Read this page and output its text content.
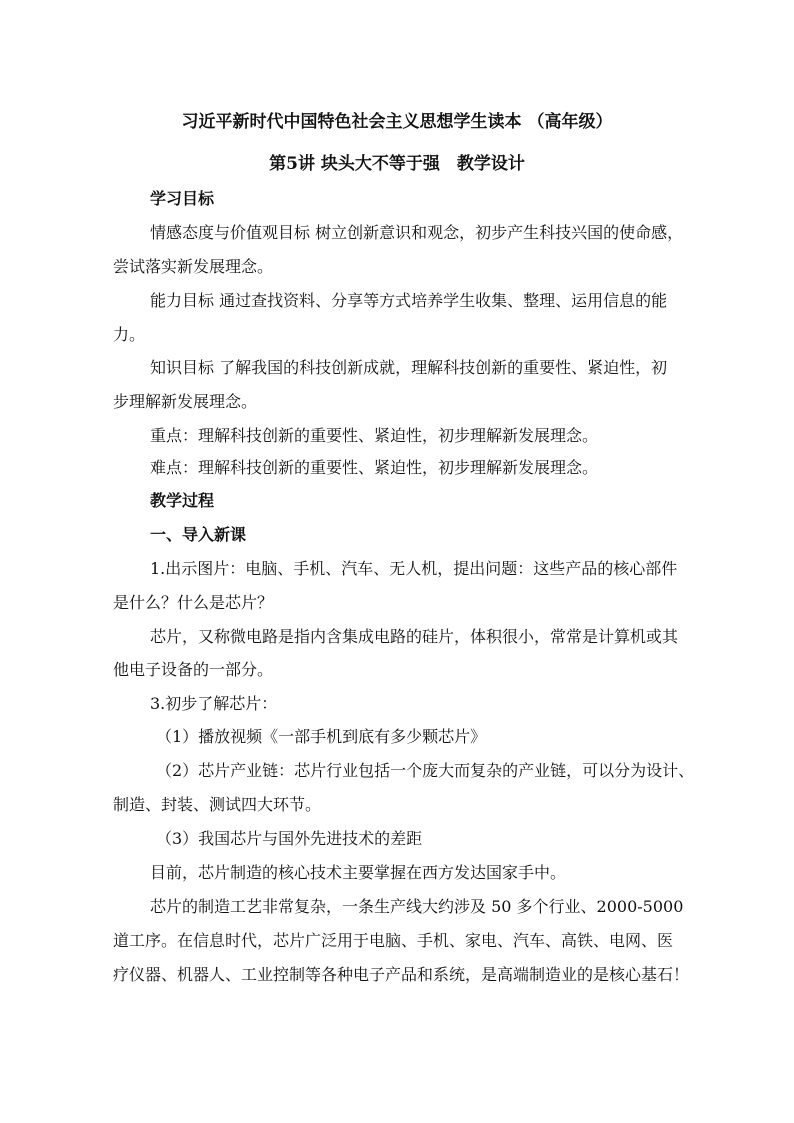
习近平新时代中国特色社会主义思想学生读本 （高年级）
第5讲 块头大不等于强　教学设计
学习目标
情感态度与价值观目标 树立创新意识和观念，初步产生科技兴国的使命感，
尝试落实新发展理念。
能力目标 通过查找资料、分享等方式培养学生收集、整理、运用信息的能
力。
知识目标 了解我国的科技创新成就，理解科技创新的重要性、紧迫性，初
步理解新发展理念。
重点：理解科技创新的重要性、紧迫性，初步理解新发展理念。
难点：理解科技创新的重要性、紧迫性，初步理解新发展理念。
教学过程
一、导入新课
1.出示图片：电脑、手机、汽车、无人机，提出问题：这些产品的核心部件
是什么？什么是芯片？
芯片，又称微电路是指内含集成电路的硅片，体积很小，常常是计算机或其
他电子设备的一部分。
3.初步了解芯片：
（1）播放视频《一部手机到底有多少颗芯片》
（2）芯片产业链：芯片行业包括一个庞大而复杂的产业链，可以分为设计、
制造、封装、测试四大环节。
（3）我国芯片与国外先进技术的差距
目前，芯片制造的核心技术主要掌握在西方发达国家手中。
芯片的制造工艺非常复杂，一条生产线大约涉及 50 多个行业、2000-5000
道工序。在信息时代，芯片广泛用于电脑、手机、家电、汽车、高铁、电网、医
疗仪器、机器人、工业控制等各种电子产品和系统，是高端制造业的是核心基石！
